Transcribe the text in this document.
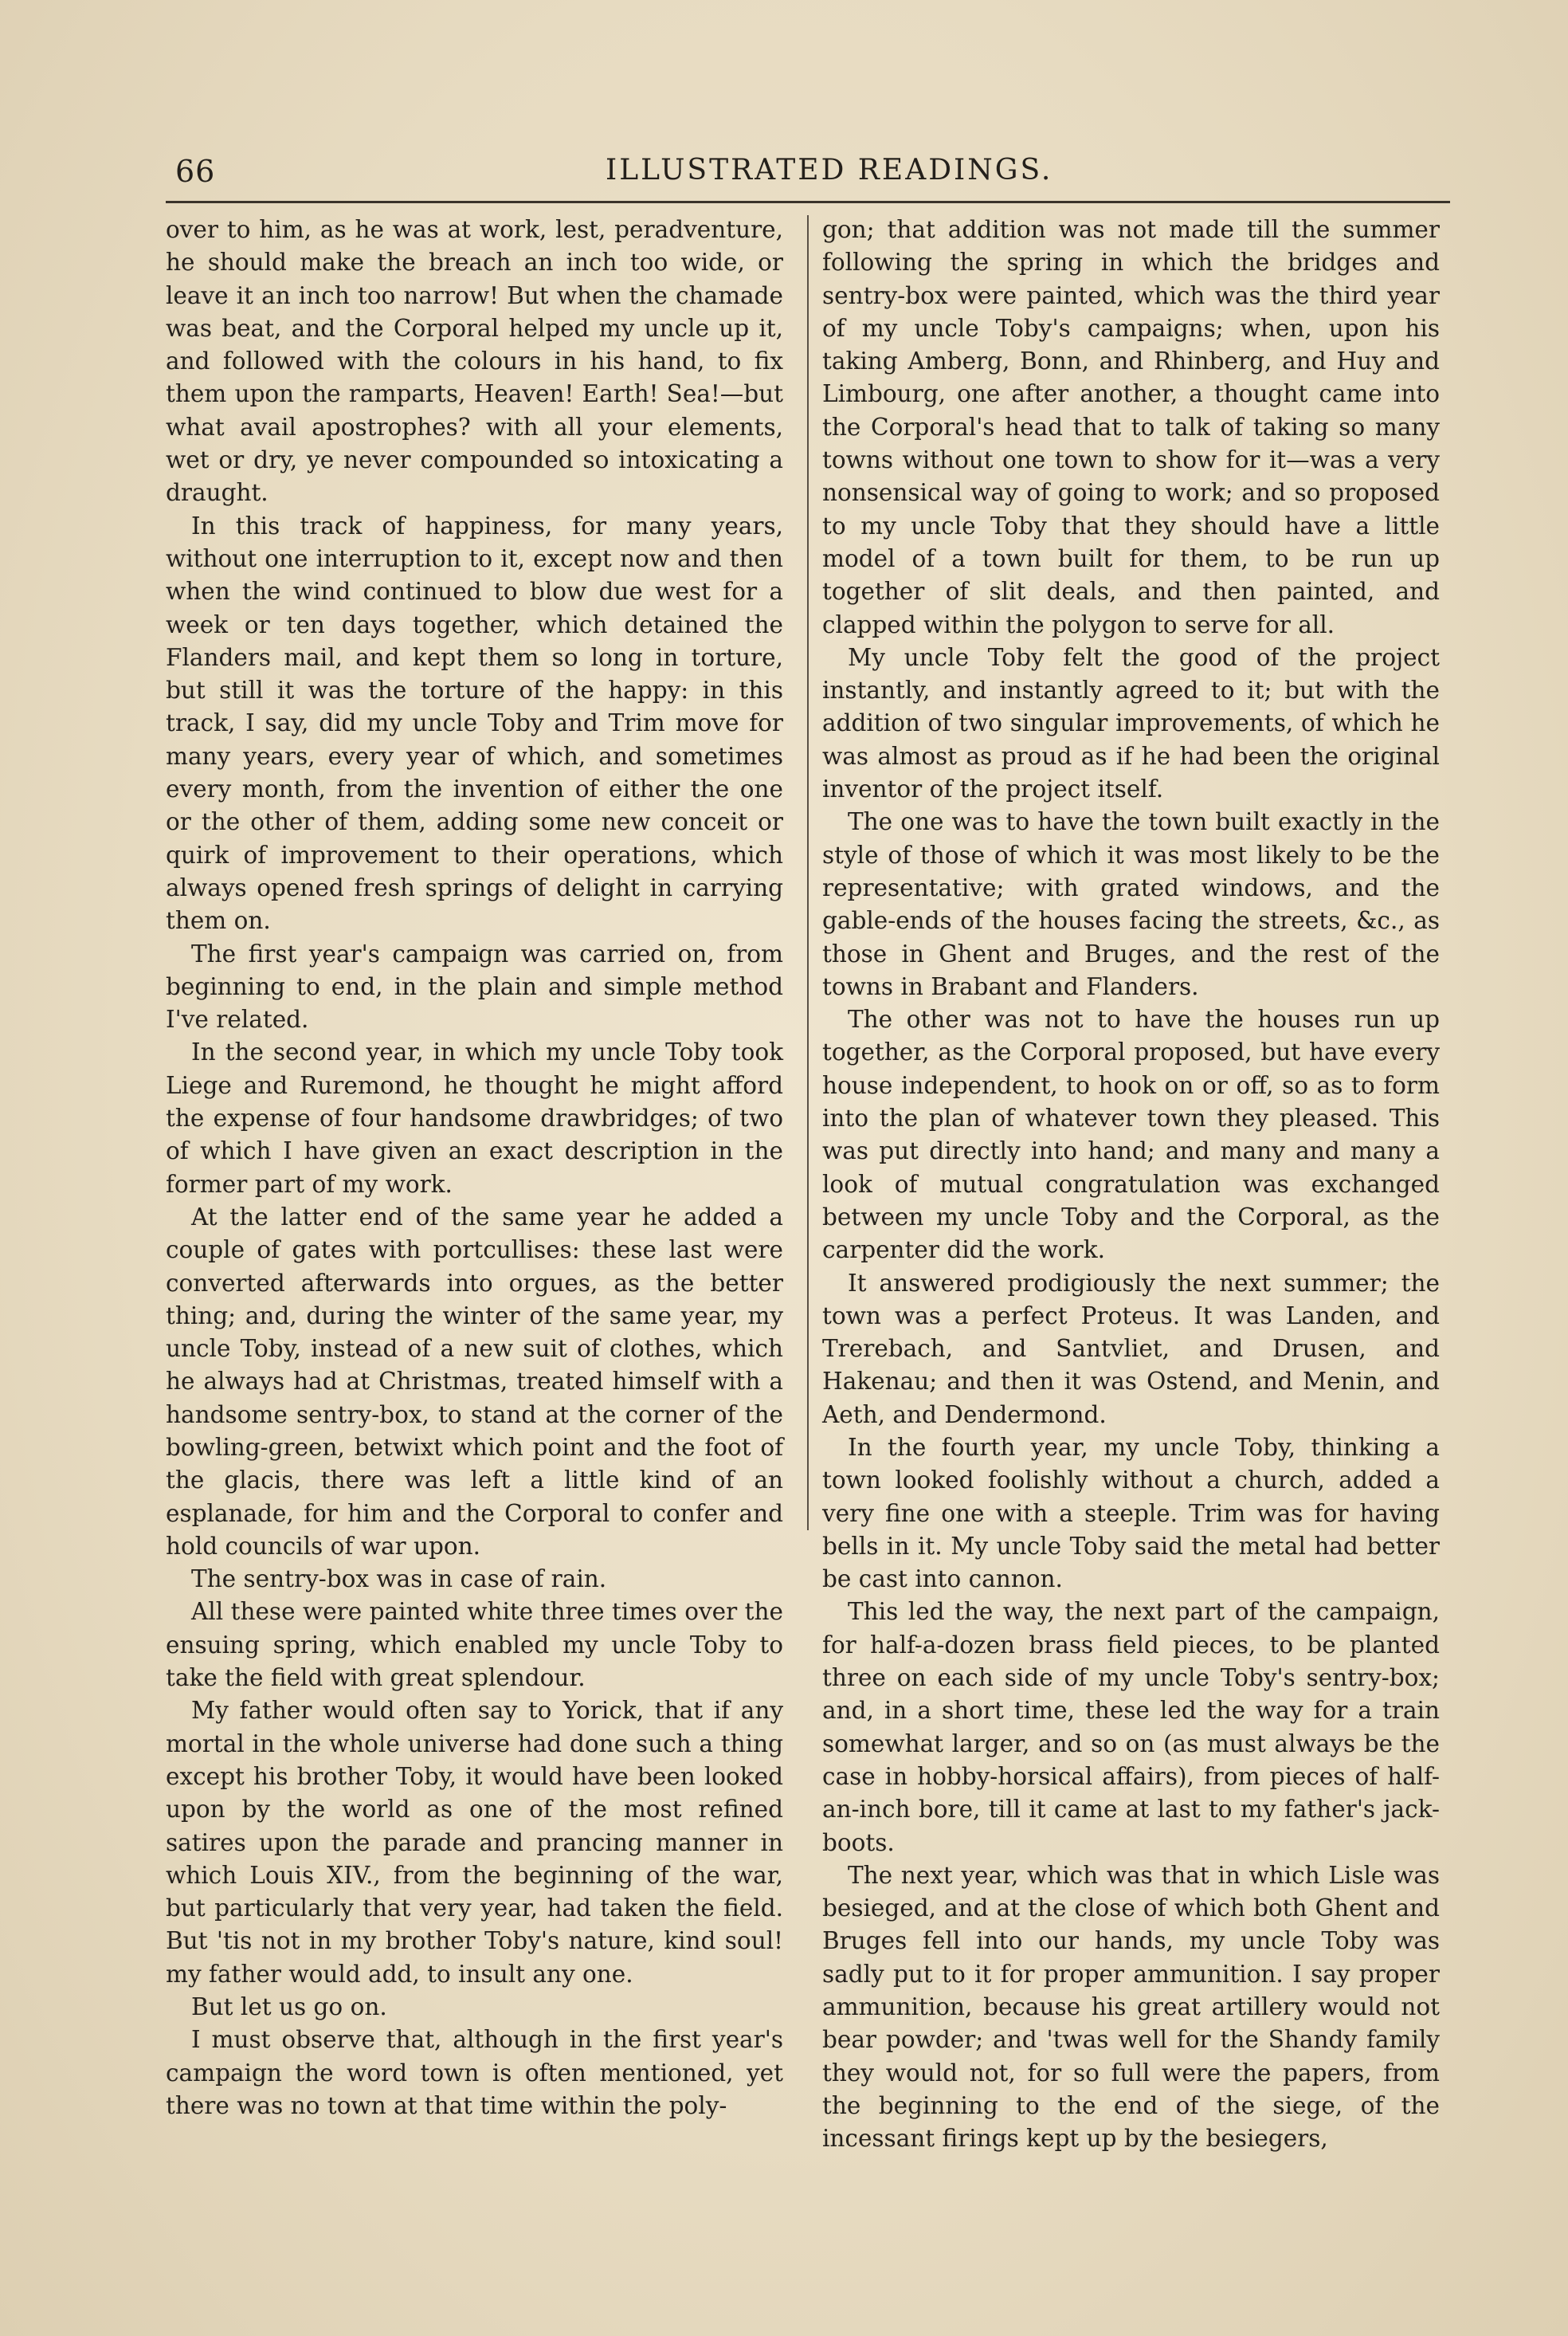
66	ILLUSTRATED READINGS.

over to him, as he was at work, lest, peradventure, he should make the breach an inch too wide, or leave it an inch too narrow! But when the chamade was beat, and the Corporal helped my uncle up it, and followed with the colours in his hand, to fix them upon the ramparts, Heaven! Earth! Sea!—but what avail apostrophes? with all your elements, wet or dry, ye never compounded so intoxicating a draught.

In this track of happiness, for many years, without one interruption to it, except now and then when the wind continued to blow due west for a week or ten days together, which detained the Flanders mail, and kept them so long in torture, but still it was the torture of the happy: in this track, I say, did my uncle Toby and Trim move for many years, every year of which, and sometimes every month, from the invention of either the one or the other of them, adding some new conceit or quirk of improvement to their operations, which always opened fresh springs of delight in carrying them on.

The first year's campaign was carried on, from beginning to end, in the plain and simple method I've related.

In the second year, in which my uncle Toby took Liege and Ruremond, he thought he might afford the expense of four handsome drawbridges; of two of which I have given an exact description in the former part of my work.

At the latter end of the same year he added a couple of gates with portcullises: these last were converted afterwards into orgues, as the better thing; and, during the winter of the same year, my uncle Toby, instead of a new suit of clothes, which he always had at Christmas, treated himself with a handsome sentry-box, to stand at the corner of the bowling-green, betwixt which point and the foot of the glacis, there was left a little kind of an esplanade, for him and the Corporal to confer and hold councils of war upon.

The sentry-box was in case of rain.

All these were painted white three times over the ensuing spring, which enabled my uncle Toby to take the field with great splendour.

My father would often say to Yorick, that if any mortal in the whole universe had done such a thing except his brother Toby, it would have been looked upon by the world as one of the most refined satires upon the parade and prancing manner in which Louis XIV., from the beginning of the war, but particularly that very year, had taken the field. But 'tis not in my brother Toby's nature, kind soul! my father would add, to insult any one.

But let us go on.

I must observe that, although in the first year's campaign the word town is often mentioned, yet there was no town at that time within the poly-

gon; that addition was not made till the summer following the spring in which the bridges and sentry-box were painted, which was the third year of my uncle Toby's campaigns; when, upon his taking Amberg, Bonn, and Rhinberg, and Huy and Limbourg, one after another, a thought came into the Corporal's head that to talk of taking so many towns without one town to show for it—was a very nonsensical way of going to work; and so proposed to my uncle Toby that they should have a little model of a town built for them, to be run up together of slit deals, and then painted, and clapped within the polygon to serve for all.

My uncle Toby felt the good of the project instantly, and instantly agreed to it; but with the addition of two singular improvements, of which he was almost as proud as if he had been the original inventor of the project itself.

The one was to have the town built exactly in the style of those of which it was most likely to be the representative; with grated windows, and the gable-ends of the houses facing the streets, &c., as those in Ghent and Bruges, and the rest of the towns in Brabant and Flanders.

The other was not to have the houses run up together, as the Corporal proposed, but have every house independent, to hook on or off, so as to form into the plan of whatever town they pleased. This was put directly into hand; and many and many a look of mutual congratulation was exchanged between my uncle Toby and the Corporal, as the carpenter did the work.

It answered prodigiously the next summer; the town was a perfect Proteus. It was Landen, and Trerebach, and Santvliet, and Drusen, and Hakenau; and then it was Ostend, and Menin, and Aeth, and Dendermond.

In the fourth year, my uncle Toby, thinking a town looked foolishly without a church, added a very fine one with a steeple. Trim was for having bells in it. My uncle Toby said the metal had better be cast into cannon.

This led the way, the next part of the campaign, for half-a-dozen brass field pieces, to be planted three on each side of my uncle Toby's sentry-box; and, in a short time, these led the way for a train somewhat larger, and so on (as must always be the case in hobby-horsical affairs), from pieces of half-an-inch bore, till it came at last to my father's jack-boots.

The next year, which was that in which Lisle was besieged, and at the close of which both Ghent and Bruges fell into our hands, my uncle Toby was sadly put to it for proper ammunition. I say proper ammunition, because his great artillery would not bear powder; and 'twas well for the Shandy family they would not, for so full were the papers, from the beginning to the end of the siege, of the incessant firings kept up by the besiegers,
